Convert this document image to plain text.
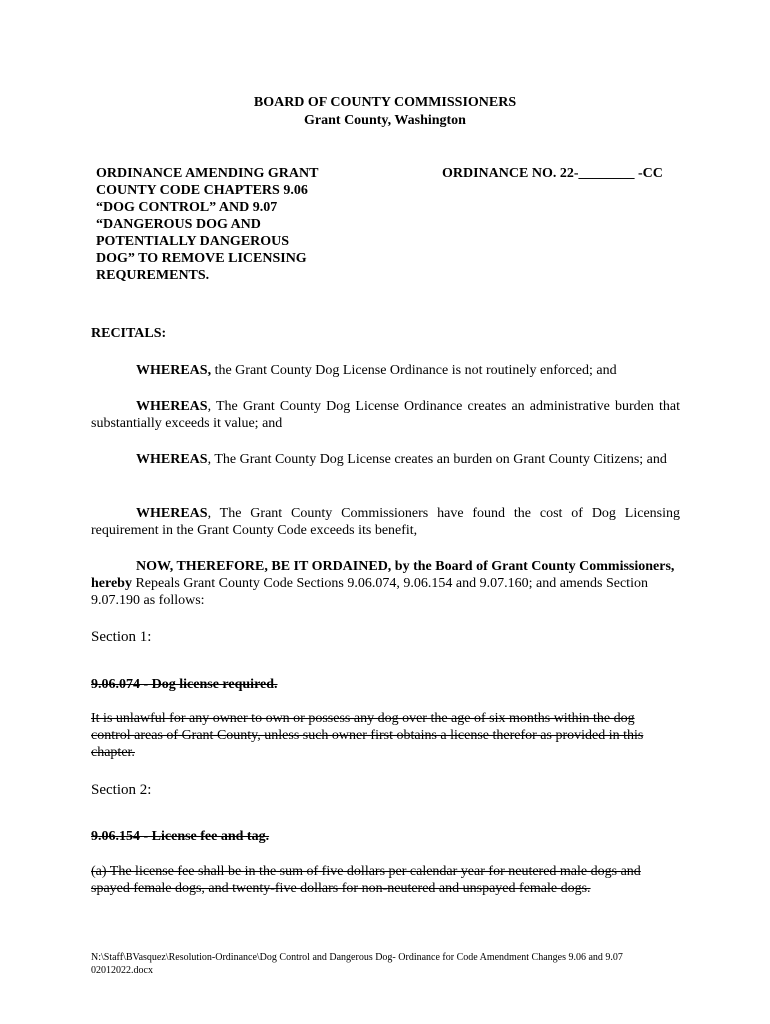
BOARD OF COUNTY COMMISSIONERS
Grant County, Washington
ORDINANCE AMENDING GRANT
COUNTY CODE CHAPTERS 9.06
“DOG CONTROL” AND 9.07
“DANGEROUS DOG AND
POTENTIALLY DANGEROUS
DOG” TO REMOVE LICENSING
REQUREMENTS.
ORDINANCE NO. 22-________ -CC
RECITALS:
WHEREAS, the Grant County Dog License Ordinance is not routinely enforced; and
WHEREAS, The Grant County Dog License Ordinance creates an administrative burden that substantially exceeds it value; and
WHEREAS, The Grant County Dog License creates an burden on Grant County Citizens; and
WHEREAS, The Grant County Commissioners have found the cost of Dog Licensing requirement in the Grant County Code exceeds its benefit,
NOW, THEREFORE, BE IT ORDAINED, by the Board of Grant County Commissioners, hereby Repeals Grant County Code Sections 9.06.074, 9.06.154 and 9.07.160; and amends Section 9.07.190 as follows:
Section 1:
9.06.074 - Dog license required.
It is unlawful for any owner to own or possess any dog over the age of six months within the dog control areas of Grant County, unless such owner first obtains a license therefor as provided in this chapter.
Section 2:
9.06.154 - License fee and tag.
(a) The license fee shall be in the sum of five dollars per calendar year for neutered male dogs and spayed female dogs, and twenty-five dollars for non-neutered and unspayed female dogs.
N:\Staff\BVasquez\Resolution-Ordinance\Dog Control and Dangerous Dog- Ordinance for Code Amendment Changes 9.06 and 9.07 02012022.docx
